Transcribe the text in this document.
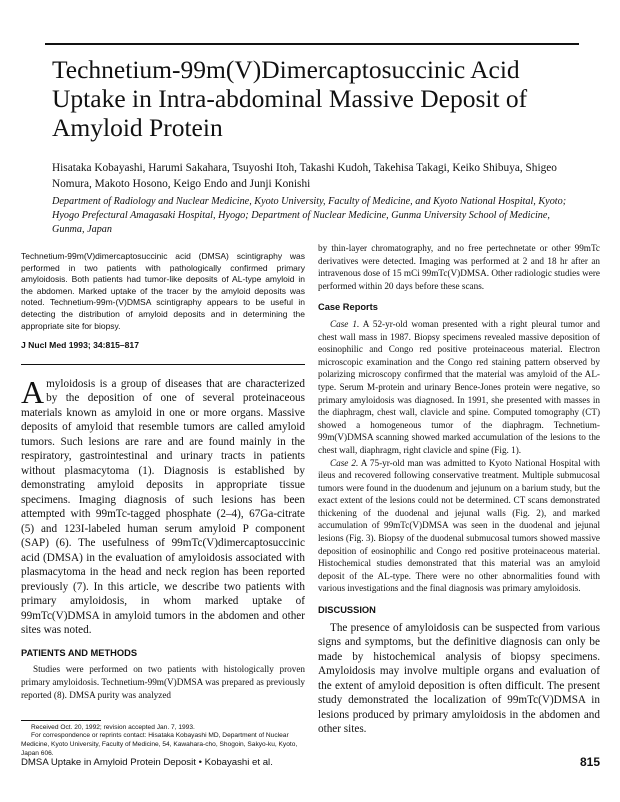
Technetium-99m(V)Dimercaptosuccinic Acid Uptake in Intra-abdominal Massive Deposit of Amyloid Protein
Hisataka Kobayashi, Harumi Sakahara, Tsuyoshi Itoh, Takashi Kudoh, Takehisa Takagi, Keiko Shibuya, Shigeo Nomura, Makoto Hosono, Keigo Endo and Junji Konishi
Department of Radiology and Nuclear Medicine, Kyoto University, Faculty of Medicine, and Kyoto National Hospital, Kyoto; Hyogo Prefectural Amagasaki Hospital, Hyogo; Department of Nuclear Medicine, Gunma University School of Medicine, Gunma, Japan

Technetium-99m(V)dimercaptosuccinic acid (DMSA) scintigraphy was performed in two patients with pathologically confirmed primary amyloidosis. Both patients had tumor-like deposits of AL-type amyloid in the abdomen. Marked uptake of the tracer by the amyloid deposits was noted. Technetium-99m-(V)DMSA scintigraphy appears to be useful in detecting the distribution of amyloid deposits and in determining the appropriate site for biopsy.

J Nucl Med 1993; 34:815–817

Amyloidosis is a group of diseases that are characterized by the deposition of one of several proteinaceous materials known as amyloid in one or more organs. Massive deposits of amyloid that resemble tumors are called amyloid tumors. Such lesions are rare and are found mainly in the respiratory, gastrointestinal and urinary tracts in patients without plasmacytoma (1). Diagnosis is established by demonstrating amyloid deposits in appropriate tissue specimens. Imaging diagnosis of such lesions has been attempted with 99mTc-tagged phosphate (2–4), 67Ga-citrate (5) and 123I-labeled human serum amyloid P component (SAP) (6). The usefulness of 99mTc(V)dimercaptosuccinic acid (DMSA) in the evaluation of amyloidosis associated with plasmacytoma in the head and neck region has been reported previously (7). In this article, we describe two patients with primary amyloidosis, in whom marked uptake of 99mTc(V)DMSA in amyloid tumors in the abdomen and other sites was noted.

PATIENTS AND METHODS

Studies were performed on two patients with histologically proven primary amyloidosis. Technetium-99m(V)DMSA was prepared as previously reported (8). DMSA purity was analyzed

by thin-layer chromatography, and no free pertechnetate or other 99mTc derivatives were detected. Imaging was performed at 2 and 18 hr after an intravenous dose of 15 mCi 99mTc(V)DMSA. Other radiologic studies were performed within 20 days before these scans.

Case Reports

Case 1. A 52-yr-old woman presented with a right pleural tumor and chest wall mass in 1987. Biopsy specimens revealed massive deposition of eosinophilic and Congo red positive proteinaceous material. Electron microscopic examination and the Congo red staining pattern observed by polarizing microscopy confirmed that the material was amyloid of the AL-type. Serum M-protein and urinary Bence-Jones protein were negative, so primary amyloidosis was diagnosed. In 1991, she presented with masses in the diaphragm, chest wall, clavicle and spine. Computed tomography (CT) showed a homogeneous tumor of the diaphragm. Technetium-99m(V)DMSA scanning showed marked accumulation of the lesions to the chest wall, diaphragm, right clavicle and spine (Fig. 1).

Case 2. A 75-yr-old man was admitted to Kyoto National Hospital with ileus and recovered following conservative treatment. Multiple submucosal tumors were found in the duodenum and jejunum on a barium study, but the exact extent of the lesions could not be determined. CT scans demonstrated thickening of the duodenal and jejunal walls (Fig. 2), and marked accumulation of 99mTc(V)DMSA was seen in the duodenal and jejunal lesions (Fig. 3). Biopsy of the duodenal submucosal tumors showed massive deposition of eosinophilic and Congo red positive proteinaceous material. Histochemical studies demonstrated that this material was an amyloid deposit of the AL-type. There were no other abnormalities found with various investigations and the final diagnosis was primary amyloidosis.

DISCUSSION

The presence of amyloidosis can be suspected from various signs and symptoms, but the definitive diagnosis can only be made by histochemical analysis of biopsy specimens. Amyloidosis may involve multiple organs and evaluation of the extent of amyloid deposition is often difficult. The present study demonstrated the localization of 99mTc(V)DMSA in lesions produced by primary amyloidosis in the abdomen and other sites.

Received Oct. 20, 1992; revision accepted Jan. 7, 1993.

For correspondence or reprints contact: Hisataka Kobayashi MD, Department of Nuclear Medicine, Kyoto University, Faculty of Medicine, 54, Kawahara-cho, Shogoin, Sakyo-ku, Kyoto, Japan 606.

DMSA Uptake in Amyloid Protein Deposit • Kobayashi et al.	815
